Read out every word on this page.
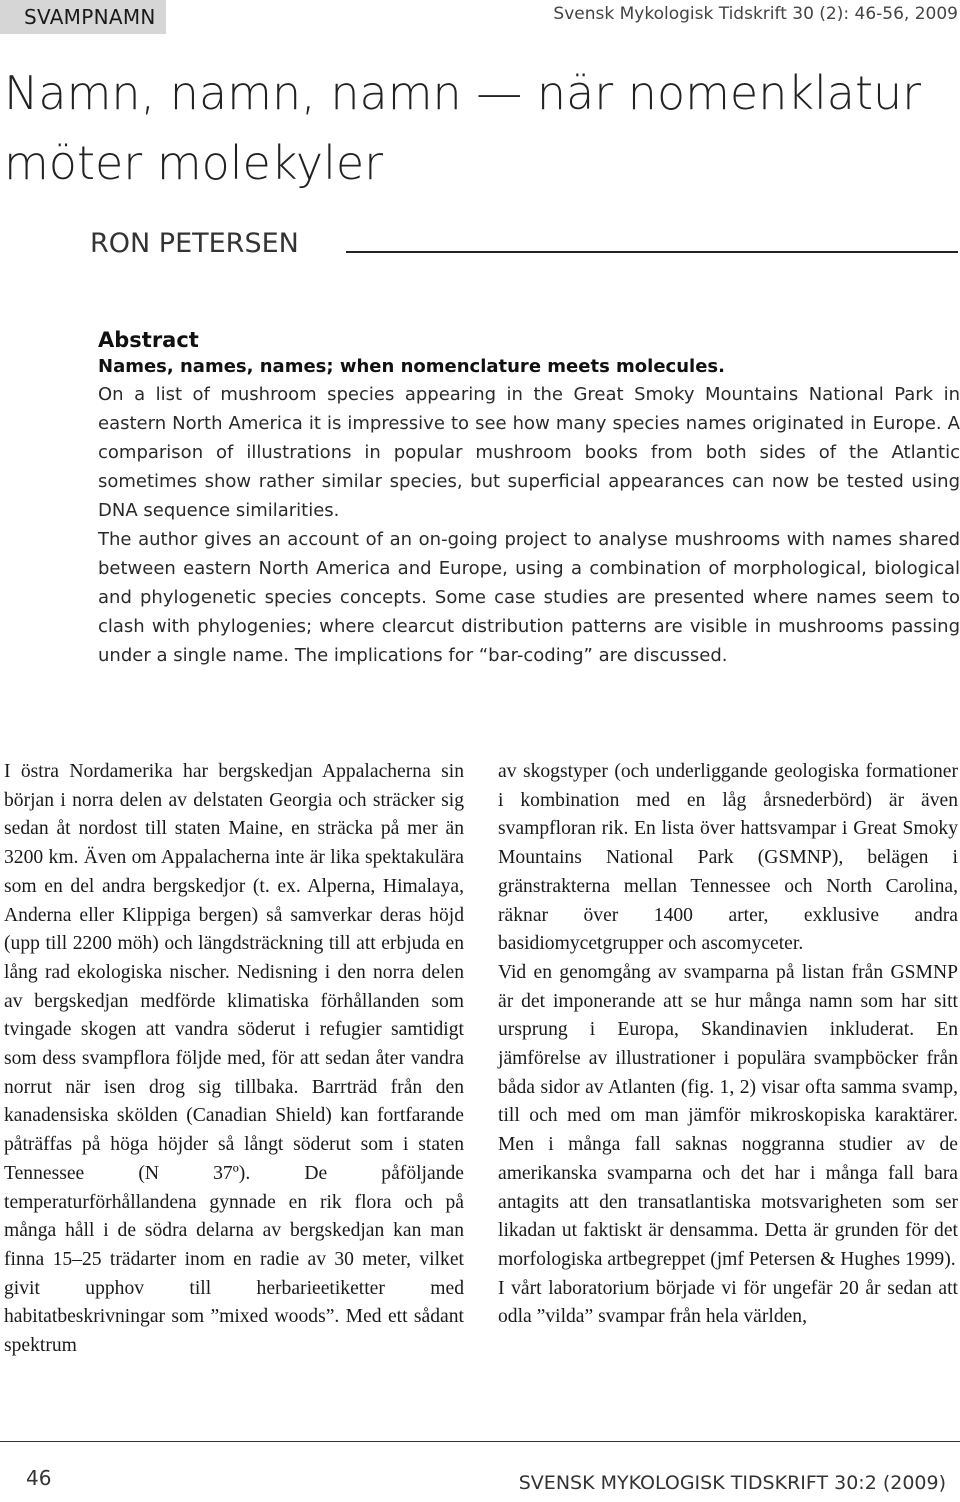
SVAMPNAMN	Svensk Mykologisk Tidskrift 30 (2): 46-56, 2009
Namn, namn, namn — när nomenklatur möter molekyler
RON PETERSEN
Abstract
Names, names, names; when nomenclature meets molecules.

On a list of mushroom species appearing in the Great Smoky Mountains National Park in eastern North America it is impressive to see how many species names originated in Europe. A comparison of illustrations in popular mushroom books from both sides of the Atlantic sometimes show rather similar species, but superficial appearances can now be tested using DNA sequence similarities.

The author gives an account of an on-going project to analyse mushrooms with names shared between eastern North America and Europe, using a combination of morphological, biological and phylogenetic species concepts. Some case studies are presented where names seem to clash with phylogenies; where clearcut distribution patterns are visible in mushrooms passing under a single name. The implications for “bar-coding” are discussed.

I östra Nordamerika har bergskedjan Appalacherna sin början i norra delen av delstaten Georgia och sträcker sig sedan åt nordost till staten Maine, en sträcka på mer än 3200 km. Även om Appalacherna inte är lika spektakulära som en del andra bergskedjor (t. ex. Alperna, Himalaya, Anderna eller Klippiga bergen) så samverkar deras höjd (upp till 2200 möh) och längdsträckning till att erbjuda en lång rad ekologiska nischer. Nedisning i den norra delen av bergskedjan medförde klimatiska förhållanden som tvingade skogen att vandra söderut i refugier samtidigt som dess svampflora följde med, för att sedan åter vandra norrut när isen drog sig tillbaka. Barrträd från den kanadensiska skölden (Canadian Shield) kan fortfarande påträffas på höga höjder så långt söderut som i staten Tennessee (N 37º). De påföljande temperaturförhållandena gynnade en rik flora och på många håll i de södra delarna av bergskedjan kan man finna 15–25 trädarter inom en radie av 30 meter, vilket givit upphov till herbarieetiketter med habitatbeskrivningar som ”mixed woods”. Med ett sådant spektrum

av skogstyper (och underliggande geologiska formationer i kombination med en låg årsnederbörd) är även svampfloran rik. En lista över hattsvampar i Great Smoky Mountains National Park (GSMNP), belägen i gränstrakterna mellan Tennessee och North Carolina, räknar över 1400 arter, exklusive andra basidiomycetgrupper och ascomyceter.

Vid en genomgång av svamparna på listan från GSMNP är det imponerande att se hur många namn som har sitt ursprung i Europa, Skandinavien inkluderat. En jämförelse av illustrationer i populära svampböcker från båda sidor av Atlanten (fig. 1, 2) visar ofta samma svamp, till och med om man jämför mikroskopiska karaktärer. Men i många fall saknas noggranna studier av de amerikanska svamparna och det har i många fall bara antagits att den transatlantiska motsvarigheten som ser likadan ut faktiskt är densamma. Detta är grunden för det morfologiska artbegreppet (jmf Petersen & Hughes 1999).

I vårt laboratorium började vi för ungefär 20 år sedan att odla ”vilda” svampar från hela världen,

46	SVENSK MYKOLOGISK TIDSKRIFT 30:2 (2009)
